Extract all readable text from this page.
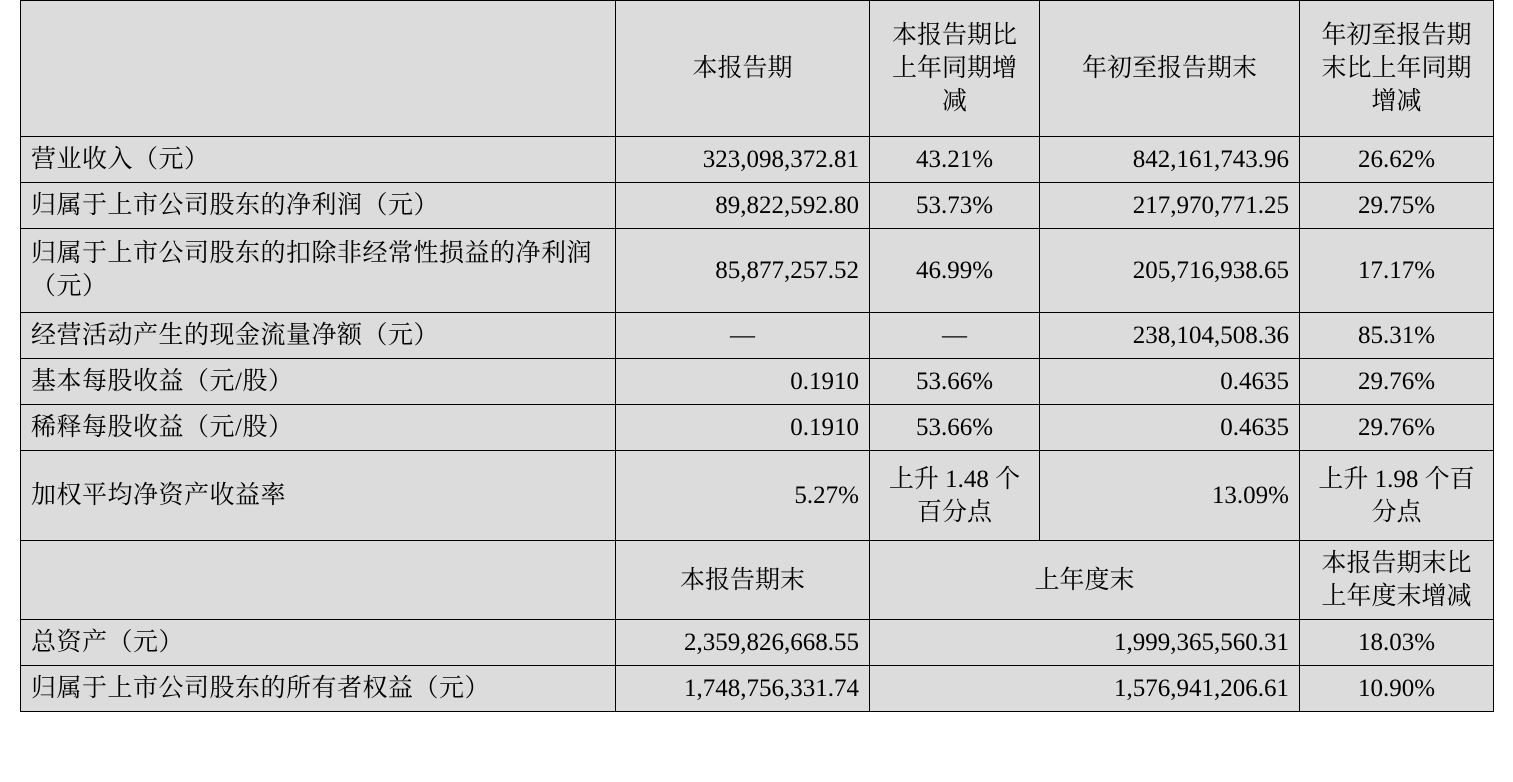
	本报告期	本报告期比上年同期增减	年初至报告期末	年初至报告期末比上年同期增减
营业收入（元）	323,098,372.81	43.21%	842,161,743.96	26.62%
归属于上市公司股东的净利润（元）	89,822,592.80	53.73%	217,970,771.25	29.75%
归属于上市公司股东的扣除非经常性损益的净利润（元）	85,877,257.52	46.99%	205,716,938.65	17.17%
经营活动产生的现金流量净额（元）	—	—	238,104,508.36	85.31%
基本每股收益（元/股）	0.1910	53.66%	0.4635	29.76%
稀释每股收益（元/股）	0.1910	53.66%	0.4635	29.76%
加权平均净资产收益率	5.27%	上升 1.48 个百分点	13.09%	上升 1.98 个百分点
	本报告期末	上年度末		本报告期末比上年度末增减
总资产（元）	2,359,826,668.55	1,999,365,560.31		18.03%
归属于上市公司股东的所有者权益（元）	1,748,756,331.74	1,576,941,206.61		10.90%
